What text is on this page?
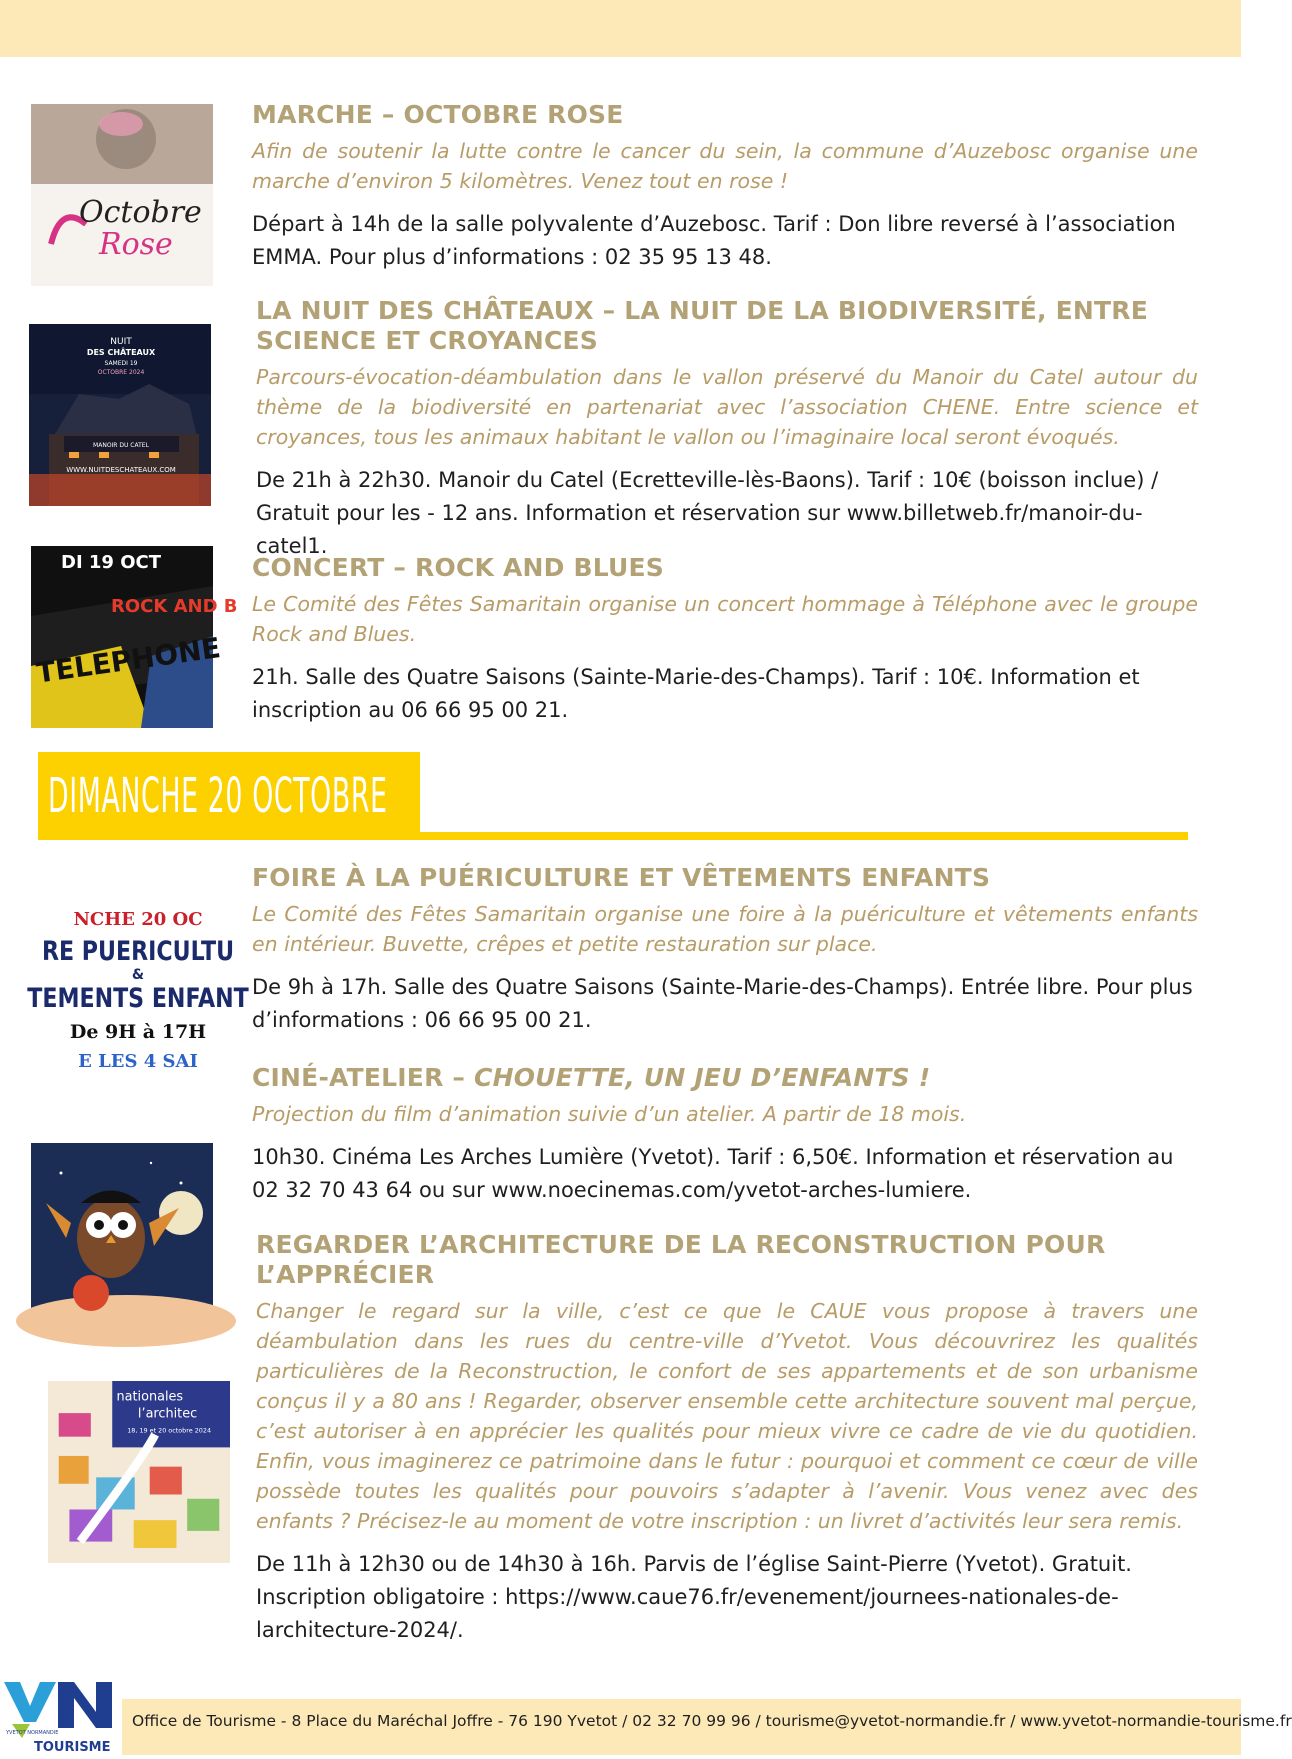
Octobre
Rose
MARCHE – OCTOBRE ROSE

Afin de soutenir la lutte contre le cancer du sein, la commune d’Auzebosc organise une marche d’environ 5 kilomètres. Venez tout en rose !

Départ à 14h de la salle polyvalente d’Auzebosc. Tarif : Don libre reversé à l’association EMMA. Pour plus d’informations : 02 35 95 13 48.

NUIT
DES CHÂTEAUX
SAMEDI 19
OCTOBRE 2024
MANOIR DU CATEL
WWW.NUITDESCHATEAUX.COM
LA NUIT DES CHÂTEAUX – LA NUIT DE LA BIODIVERSITÉ, ENTRE SCIENCE ET CROYANCES

Parcours-évocation-déambulation dans le vallon préservé du Manoir du Catel autour du thème de la biodiversité en partenariat avec l’association CHENE. Entre science et croyances, tous les animaux habitant le vallon ou l’imaginaire local seront évoqués.

De 21h à 22h30. Manoir du Catel (Ecretteville-lès-Baons). Tarif : 10€ (boisson inclue) / Gratuit pour les - 12 ans. Information et réservation sur www.billetweb.fr/manoir-du-catel1.

DI 19 OCT
ROCK AND B
TELEPHONE
CONCERT – ROCK AND BLUES

Le Comité des Fêtes Samaritain organise un concert hommage à Téléphone avec le groupe Rock and Blues.

21h. Salle des Quatre Saisons (Sainte-Marie-des-Champs). Tarif : 10€. Information et inscription au 06 66 95 00 21.

DIMANCHE 20 OCTOBRE
NCHE 20 OC
RE PUERICULTU
&
TEMENTS ENFANT
De 9H à 17H
E LES 4 SAI
FOIRE À LA PUÉRICULTURE ET VÊTEMENTS ENFANTS

Le Comité des Fêtes Samaritain organise une foire à la puériculture et vêtements enfants en intérieur. Buvette, crêpes et petite restauration sur place.

De 9h à 17h. Salle des Quatre Saisons (Sainte-Marie-des-Champs). Entrée libre. Pour plus d’informations : 06 66 95 00 21.

CINÉ-ATELIER – CHOUETTE, UN JEU D’ENFANTS !

Projection du film d’animation suivie d’un atelier. A partir de 18 mois.

10h30. Cinéma Les Arches Lumière (Yvetot). Tarif : 6,50€. Information et réservation au 02 32 70 43 64 ou sur www.noecinemas.com/yvetot-arches-lumiere.

nationales
l’architec
18, 19 et 20 octobre 2024
REGARDER L’ARCHITECTURE DE LA RECONSTRUCTION POUR L’APPRÉCIER

Changer le regard sur la ville, c’est ce que le CAUE vous propose à travers une déambulation dans les rues du centre-ville d’Yvetot. Vous découvrirez les qualités particulières de la Reconstruction, le confort de ses appartements et de son urbanisme conçus il y a 80 ans ! Regarder, observer ensemble cette architecture souvent mal perçue, c’est autoriser à en apprécier les qualités pour mieux vivre ce cadre de vie du quotidien. Enfin, vous imaginerez ce patrimoine dans le futur : pourquoi et comment ce cœur de ville possède toutes les qualités pour pouvoirs s’adapter à l’avenir. Vous venez avec des enfants ? Précisez-le au moment de votre inscription : un livret d’activités leur sera remis.

De 11h à 12h30 ou de 14h30 à 16h. Parvis de l’église Saint-Pierre (Yvetot). Gratuit. Inscription obligatoire : https://www.caue76.fr/evenement/journees-nationales-de-larchitecture-2024/.

YVETOT NORMANDIE
TOURISME

Office de Tourisme - 8 Place du Maréchal Joffre - 76 190 Yvetot / 02 32 70 99 96 / tourisme@yvetot-normandie.fr / www.yvetot-normandie-tourisme.fr
